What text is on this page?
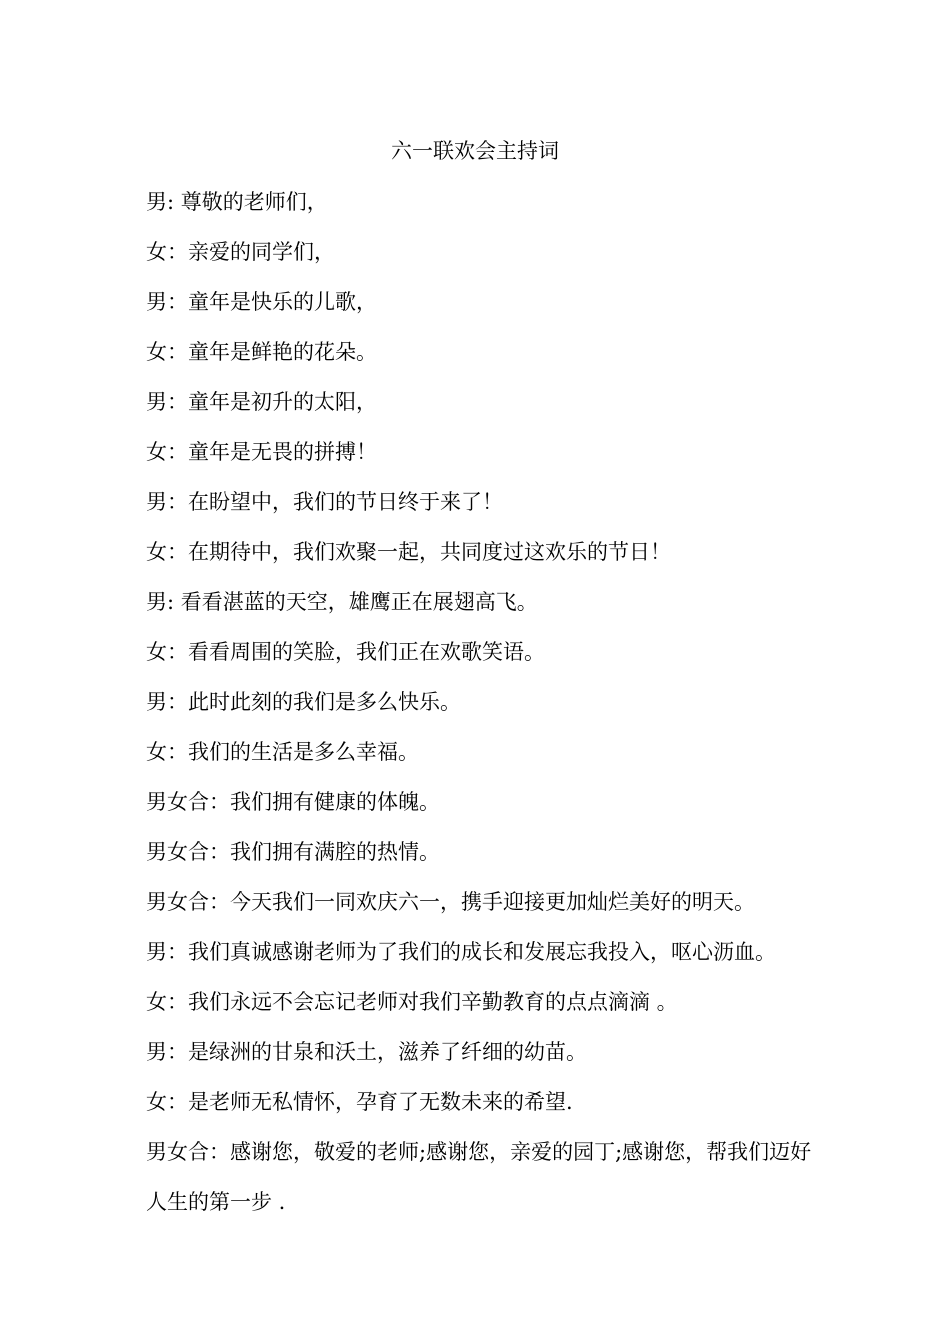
六一联欢会主持词
男: 尊敬的老师们，
女：亲爱的同学们，
男：童年是快乐的儿歌，
女：童年是鲜艳的花朵。
男：童年是初升的太阳，
女：童年是无畏的拼搏！
男：在盼望中，我们的节日终于来了！
女：在期待中，我们欢聚一起，共同度过这欢乐的节日！
男: 看看湛蓝的天空，雄鹰正在展翅高飞。
女：看看周围的笑脸，我们正在欢歌笑语。
男：此时此刻的我们是多么快乐。
女：我们的生活是多么幸福。
男女合：我们拥有健康的体魄。
男女合：我们拥有满腔的热情。
男女合：今天我们一同欢庆六一，携手迎接更加灿烂美好的明天。
男：我们真诚感谢老师为了我们的成长和发展忘我投入，呕心沥血。
女：我们永远不会忘记老师对我们辛勤教育的点点滴滴 。
男：是绿洲的甘泉和沃土，滋养了纤细的幼苗。
女：是老师无私情怀，孕育了无数未来的希望.
男女合：感谢您，敬爱的老师;感谢您，亲爱的园丁;感谢您，帮我们迈好人生的第一步 .
